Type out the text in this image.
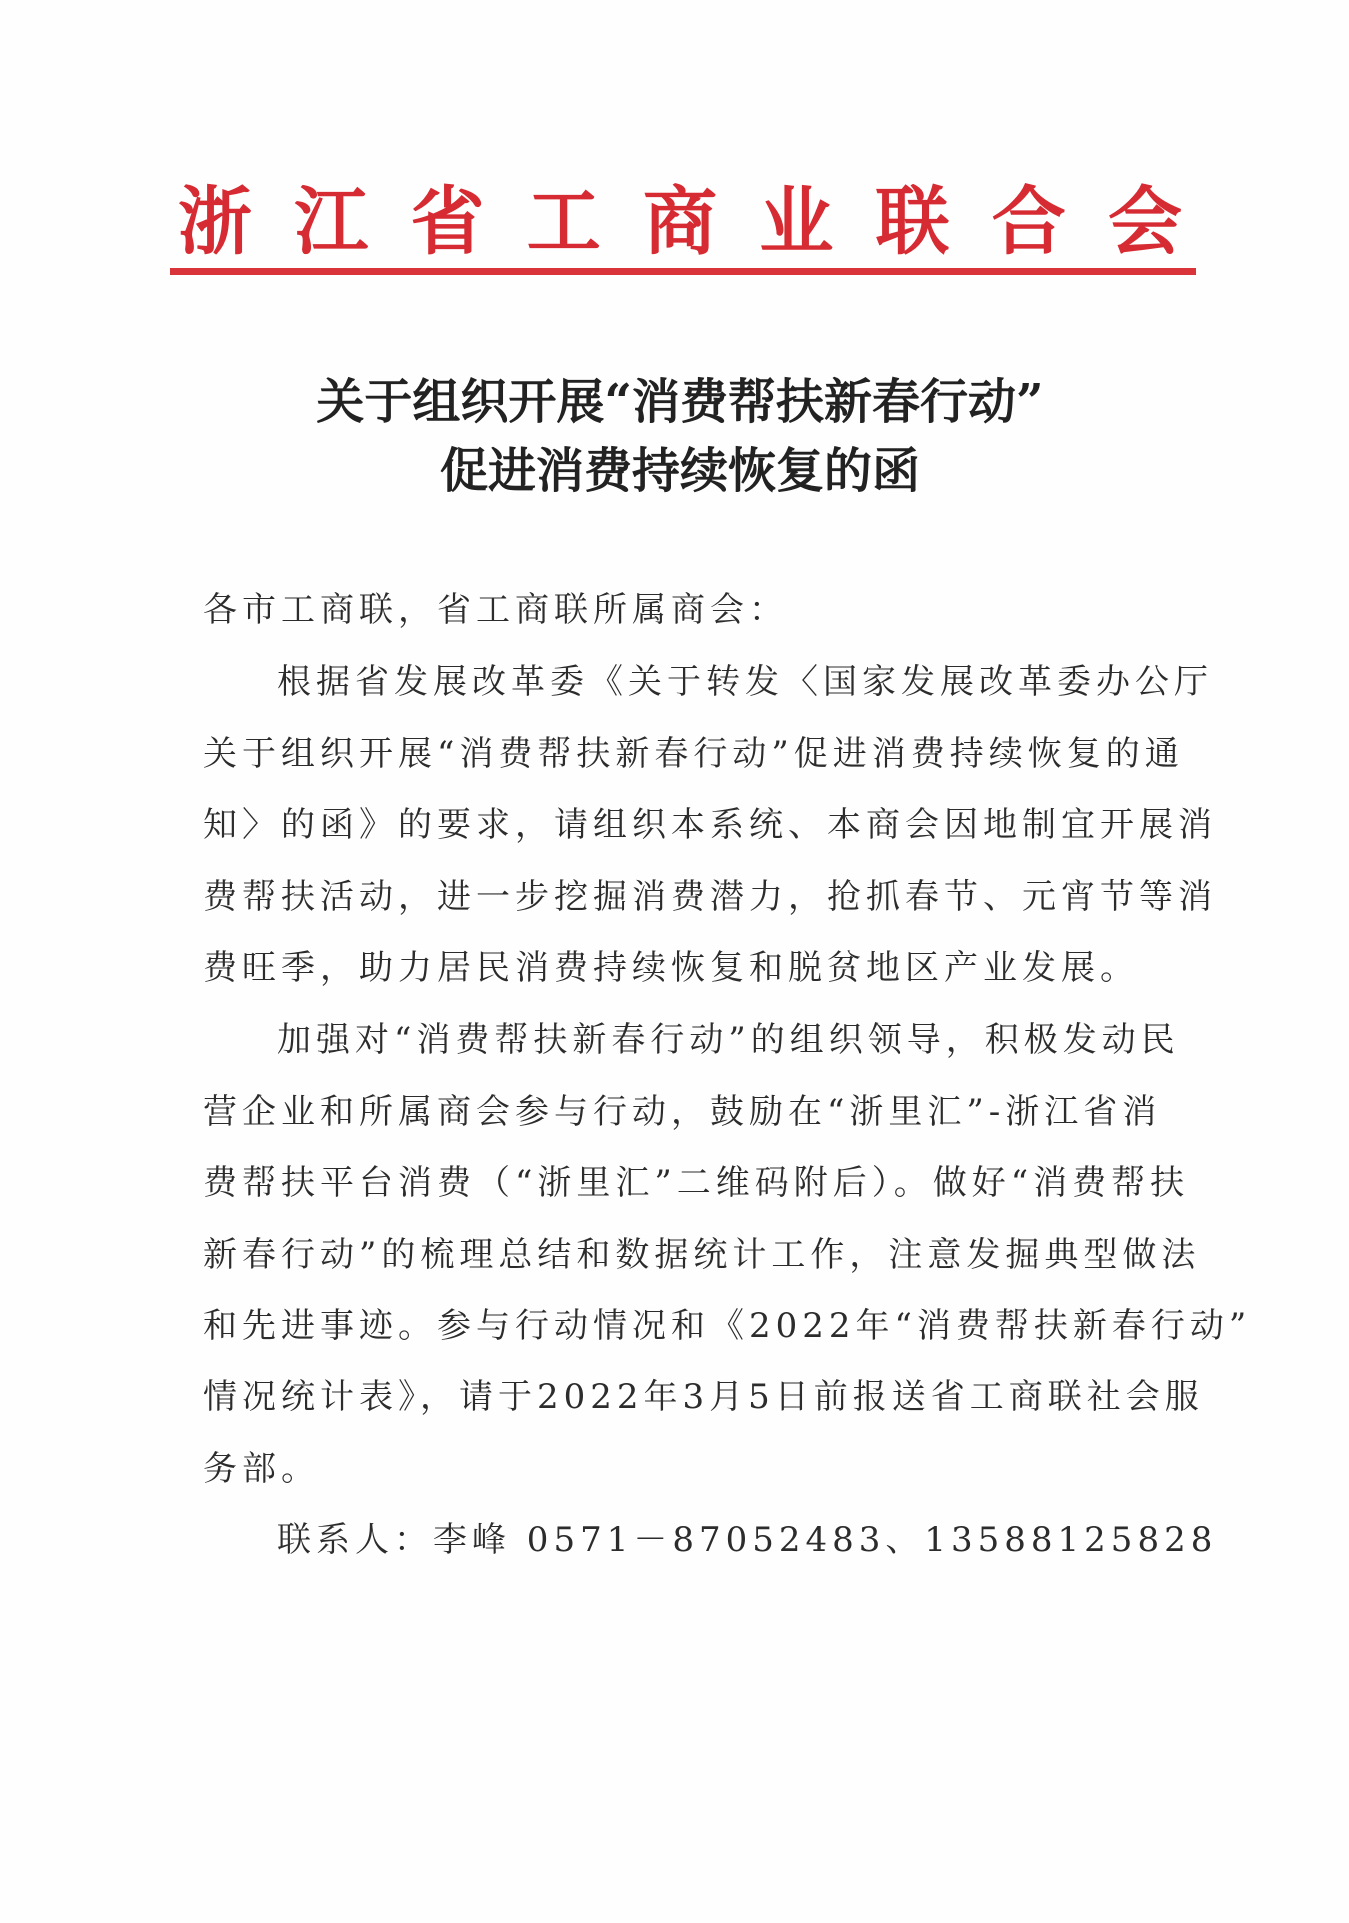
浙 江 省 工 商 业 联 合 会
关于组织开展“消费帮扶新春行动”
促进消费持续恢复的函
各市工商联，省工商联所属商会：
根据省发展改革委《关于转发〈国家发展改革委办公厅
关于组织开展“消费帮扶新春行动”促进消费持续恢复的通
知〉的函》的要求，请组织本系统、本商会因地制宜开展消
费帮扶活动，进一步挖掘消费潜力，抢抓春节、元宵节等消
费旺季，助力居民消费持续恢复和脱贫地区产业发展。
加强对“消费帮扶新春行动”的组织领导，积极发动民
营企业和所属商会参与行动，鼓励在“浙里汇”-浙江省消
费帮扶平台消费（“浙里汇”二维码附后）。做好“消费帮扶
新春行动”的梳理总结和数据统计工作，注意发掘典型做法
和先进事迹。参与行动情况和《2022年“消费帮扶新春行动”
情况统计表》，请于2022年3月5日前报送省工商联社会服
务部。
联系人：李峰 0571－87052483、13588125828
